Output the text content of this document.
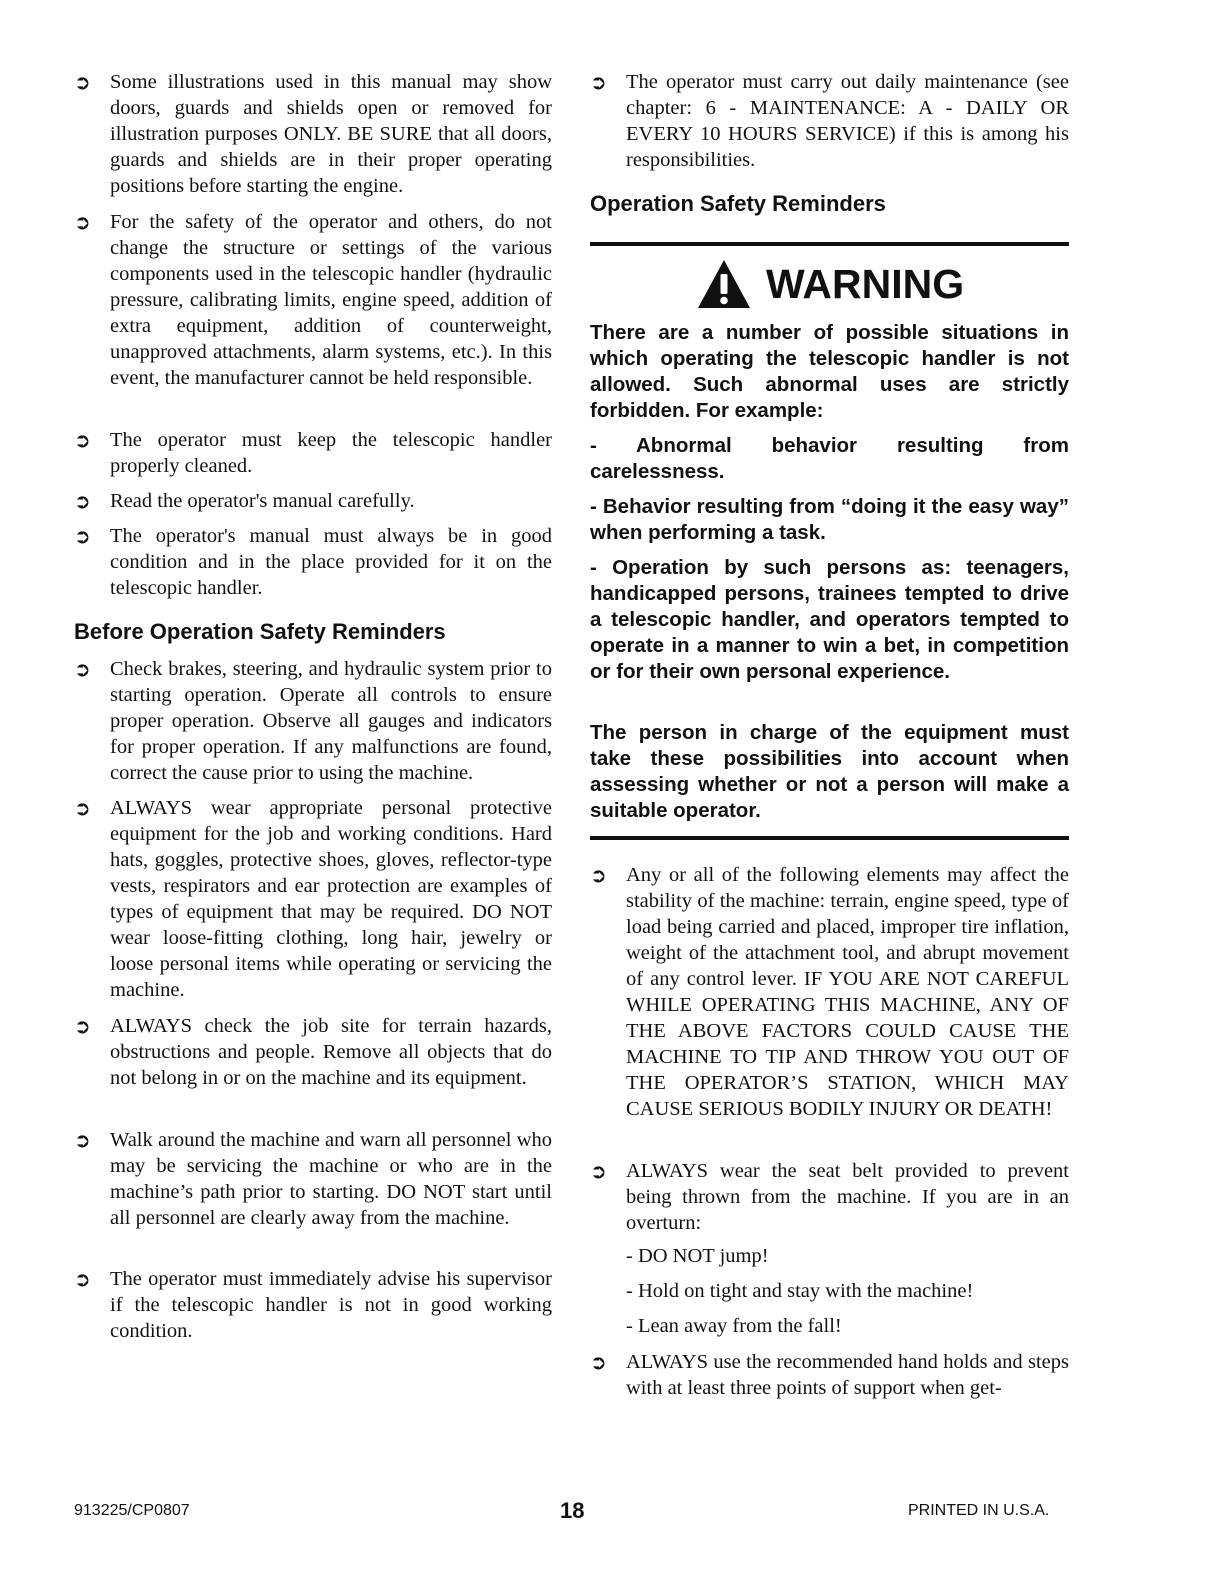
➲ Some illustrations used in this manual may show doors, guards and shields open or removed for illustration purposes ONLY. BE SURE that all doors, guards and shields are in their proper operating positions before starting the engine.
➲ For the safety of the operator and others, do not change the structure or settings of the various components used in the telescopic handler (hydraulic pressure, calibrating limits, engine speed, addition of extra equipment, addition of counterweight, unapproved attachments, alarm systems, etc.). In this event, the manufacturer cannot be held responsible.
➲ The operator must keep the telescopic handler properly cleaned.
➲ Read the operator's manual carefully.
➲ The operator's manual must always be in good condition and in the place provided for it on the telescopic handler.
Before Operation Safety Reminders
➲ Check brakes, steering, and hydraulic system prior to starting operation. Operate all controls to ensure proper operation. Observe all gauges and indicators for proper operation. If any malfunctions are found, correct the cause prior to using the machine.
➲ ALWAYS wear appropriate personal protective equipment for the job and working conditions. Hard hats, goggles, protective shoes, gloves, reflector-type vests, respirators and ear protection are examples of types of equipment that may be required. DO NOT wear loose-fitting clothing, long hair, jewelry or loose personal items while operating or servicing the machine.
➲ ALWAYS check the job site for terrain hazards, obstructions and people. Remove all objects that do not belong in or on the machine and its equipment.
➲ Walk around the machine and warn all personnel who may be servicing the machine or who are in the machine’s path prior to starting. DO NOT start until all personnel are clearly away from the machine.
➲ The operator must immediately advise his supervisor if the telescopic handler is not in good working condition.
➲ The operator must carry out daily maintenance (see chapter: 6 - MAINTENANCE: A - DAILY OR EVERY 10 HOURS SERVICE) if this is among his responsibilities.
Operation Safety Reminders
WARNING
There are a number of possible situations in which operating the telescopic handler is not allowed. Such abnormal uses are strictly forbidden. For example:
- Abnormal behavior resulting from carelessness.
- Behavior resulting from “doing it the easy way” when performing a task.
- Operation by such persons as: teenagers, handicapped persons, trainees tempted to drive a telescopic handler, and operators tempted to operate in a manner to win a bet, in competition or for their own personal experience.
The person in charge of the equipment must take these possibilities into account when assessing whether or not a person will make a suitable operator.
➲ Any or all of the following elements may affect the stability of the machine: terrain, engine speed, type of load being carried and placed, improper tire inflation, weight of the attachment tool, and abrupt movement of any control lever. IF YOU ARE NOT CAREFUL WHILE OPERATING THIS MACHINE, ANY OF THE ABOVE FACTORS COULD CAUSE THE MACHINE TO TIP AND THROW YOU OUT OF THE OPERATOR’S STATION, WHICH MAY CAUSE SERIOUS BODILY INJURY OR DEATH!
➲ ALWAYS wear the seat belt provided to prevent being thrown from the machine. If you are in an overturn:
- DO NOT jump!
- Hold on tight and stay with the machine!
- Lean away from the fall!
➲ ALWAYS use the recommended hand holds and steps with at least three points of support when get-
913225/CP0807	18	PRINTED IN U.S.A.
